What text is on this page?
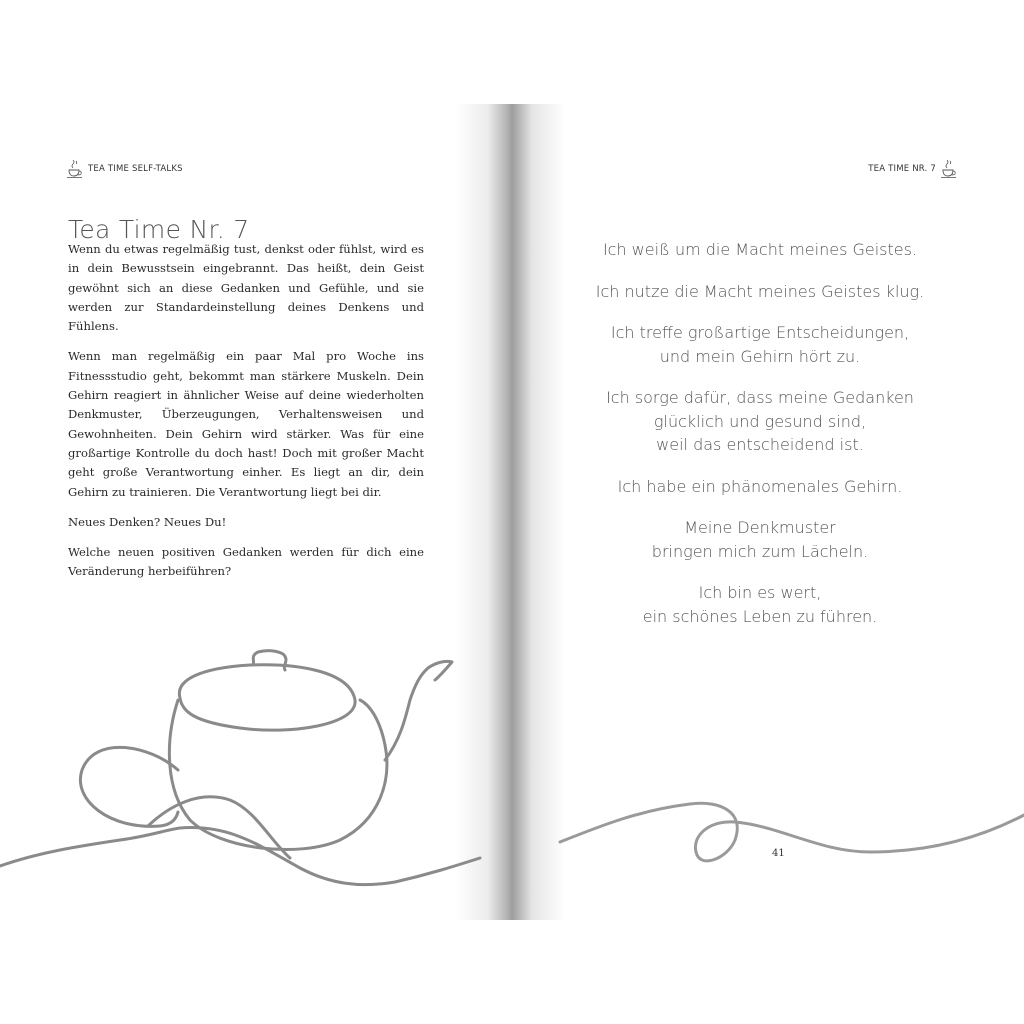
TEA TIME SELF-TALKS	TEA TIME NR. 7
Tea Time Nr. 7

Wenn du etwas regelmäßig tust, denkst oder fühlst, wird es in dein Bewusstsein eingebrannt. Das heißt, dein Geist gewöhnt sich an diese Gedanken und Gefühle, und sie werden zur Standardeinstellung deines Denkens und Fühlens.

Wenn man regelmäßig ein paar Mal pro Woche ins Fitnessstudio geht, bekommt man stärkere Muskeln. Dein Gehirn reagiert in ähnlicher Weise auf deine wiederholten Denkmuster, Überzeugungen, Verhaltensweisen und Gewohnheiten. Dein Gehirn wird stärker. Was für eine großartige Kontrolle du doch hast! Doch mit großer Macht geht große Verantwortung einher. Es liegt an dir, dein Gehirn zu trainieren. Die Verantwortung liegt bei dir.

Neues Denken? Neues Du!

Welche neuen positiven Gedanken werden für dich eine Veränderung herbeiführen?

Ich weiß um die Macht meines Geistes.
Ich nutze die Macht meines Geistes klug.
Ich treffe großartige Entscheidungen,
und mein Gehirn hört zu.
Ich sorge dafür, dass meine Gedanken
glücklich und gesund sind,
weil das entscheidend ist.
Ich habe ein phänomenales Gehirn.
Meine Denkmuster
bringen mich zum Lächeln.
Ich bin es wert,
ein schönes Leben zu führen.
41
